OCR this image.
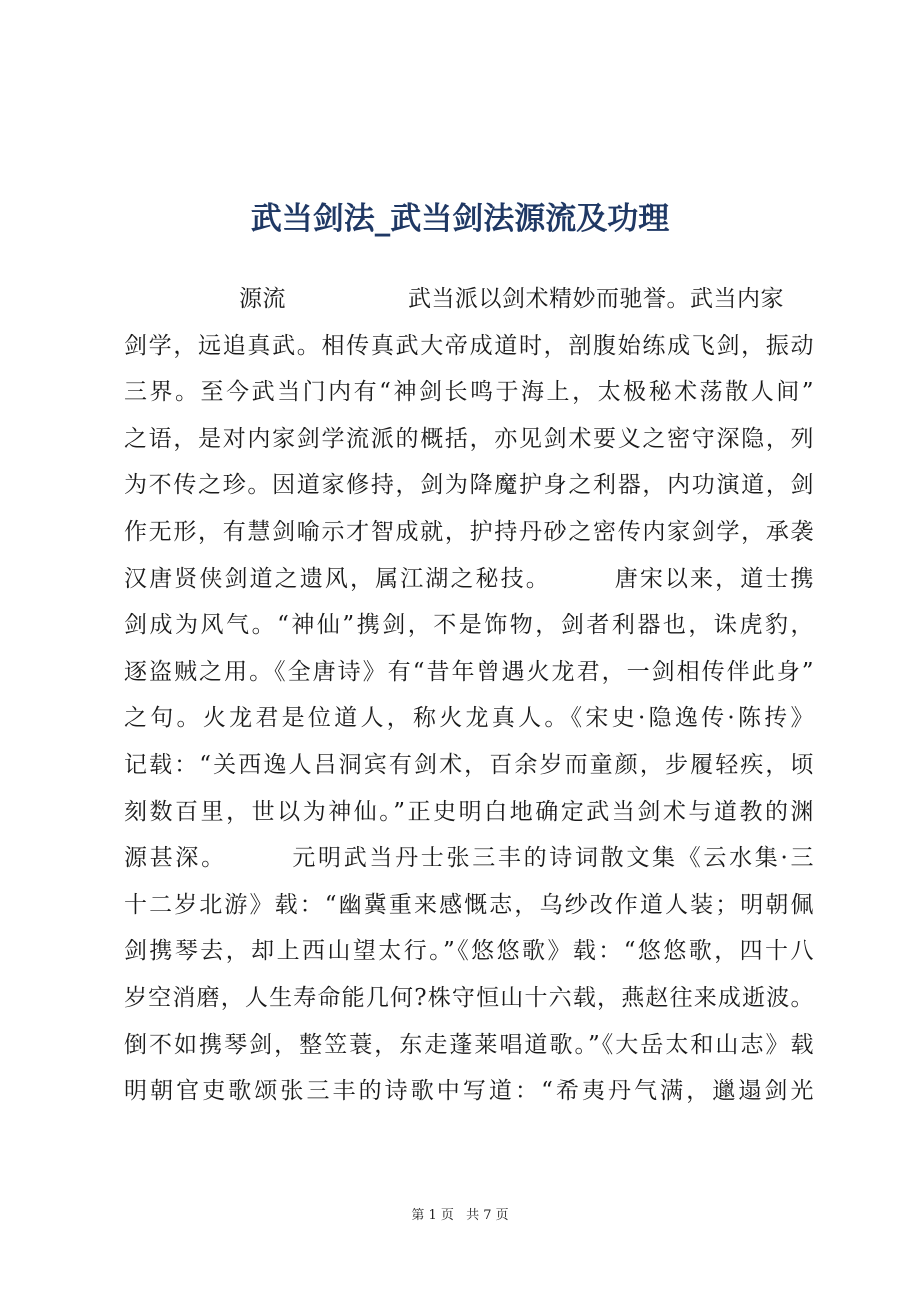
武当剑法_武当剑法源流及功理
源流	武当派以剑术精妙而驰誉。武当内家
剑学，远追真武。相传真武大帝成道时，剖腹始练成飞剑，振动
三界。至今武当门内有“神剑长鸣于海上，太极秘术荡散人间”
之语，是对内家剑学流派的概括，亦见剑术要义之密守深隐，列
为不传之珍。因道家修持，剑为降魔护身之利器，内功演道，剑
作无形，有慧剑喻示才智成就，护持丹砂之密传内家剑学，承袭
汉唐贤侠剑道之遗风，属江湖之秘技。　　　唐宋以来，道士携
剑成为风气。“神仙”携剑，不是饰物，剑者利器也，诛虎豹，
逐盗贼之用。《全唐诗》有“昔年曾遇火龙君，一剑相传伴此身”
之句。火龙君是位道人，称火龙真人。《宋史·隐逸传·陈抟》
记载：“关西逸人吕洞宾有剑术，百余岁而童颜，步履轻疾，顷
刻数百里，世以为神仙。”正史明白地确定武当剑术与道教的渊
源甚深。　　　元明武当丹士张三丰的诗词散文集《云水集·三
十二岁北游》载：“幽冀重来感慨志，乌纱改作道人装；明朝佩
剑携琴去，却上西山望太行。”《悠悠歌》载：“悠悠歌，四十八
岁空消磨，人生寿命能几何?株守恒山十六载，燕赵往来成逝波。
倒不如携琴剑，整笠蓑，东走蓬莱唱道歌。”《大岳太和山志》载
明朝官吏歌颂张三丰的诗歌中写道：“希夷丹气满，邋遢剑光
第 1 页 共 7 页
